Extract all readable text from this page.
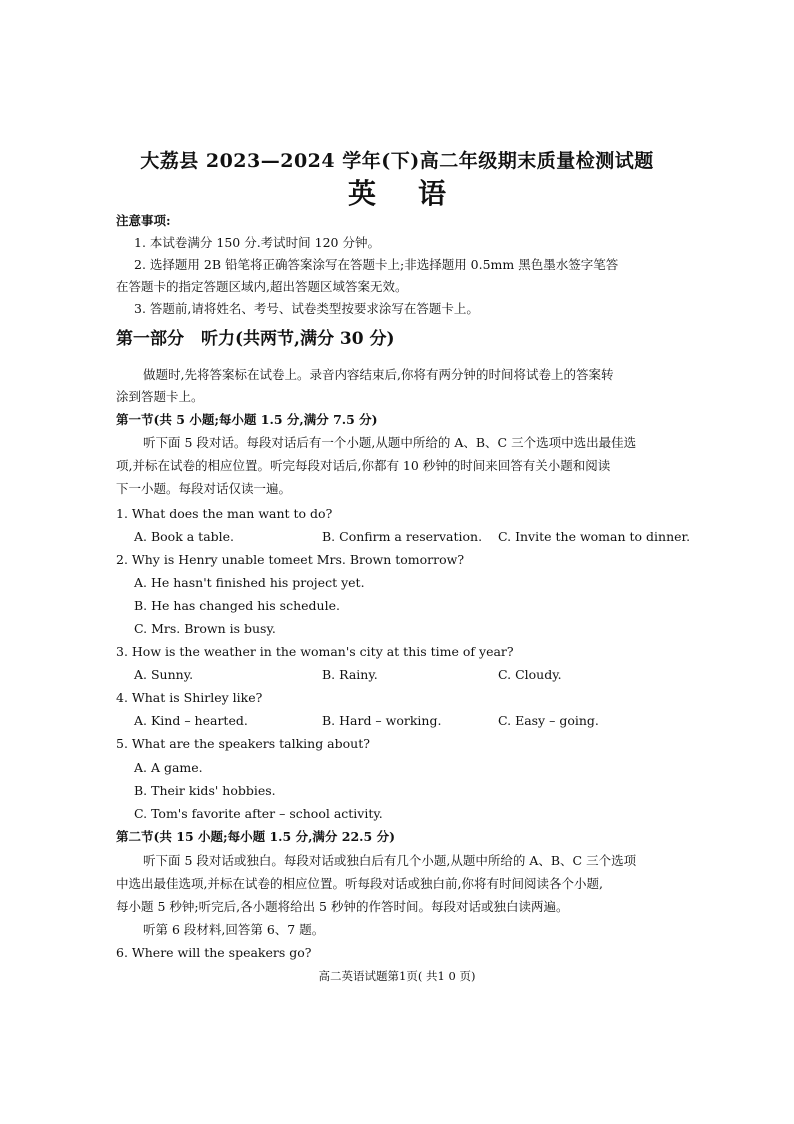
大荔县 2023—2024 学年(下)高二年级期末质量检测试题
英语
注意事项:
1. 本试卷满分 150 分.考试时间 120 分钟。
2. 选择题用 2B 铅笔将正确答案涂写在答题卡上;非选择题用 0.5mm 黑色墨水签字笔答
在答题卡的指定答题区域内,超出答题区域答案无效。
3. 答题前,请将姓名、考号、试卷类型按要求涂写在答题卡上。
第一部分　听力(共两节,满分 30 分)
做题时,先将答案标在试卷上。录音内容结束后,你将有两分钟的时间将试卷上的答案转
涂到答题卡上。
第一节(共 5 小题;每小题 1.5 分,满分 7.5 分)
听下面 5 段对话。每段对话后有一个小题,从题中所给的 A、B、C 三个选项中选出最佳选
项,并标在试卷的相应位置。听完每段对话后,你都有 10 秒钟的时间来回答有关小题和阅读
下一小题。每段对话仅读一遍。
1. What does the man want to do?
A. Book a table.	B. Confirm a reservation. C. Invite the woman to dinner.
2. Why is Henry unable tomeet Mrs. Brown tomorrow?
A. He hasn't finished his project yet.
B. He has changed his schedule.
C. Mrs. Brown is busy.
3. How is the weather in the woman's city at this time of year?
A. Sunny.	B. Rainy.	C. Cloudy.
4. What is Shirley like?
A. Kind – hearted.	B. Hard – working.	C. Easy – going.
5. What are the speakers talking about?
A. A game.
B. Their kids' hobbies.
C. Tom's favorite after – school activity.
第二节(共 15 小题;每小题 1.5 分,满分 22.5 分)
听下面 5 段对话或独白。每段对话或独白后有几个小题,从题中所给的 A、B、C 三个选项
中选出最佳选项,并标在试卷的相应位置。听每段对话或独白前,你将有时间阅读各个小题,
每小题 5 秒钟;听完后,各小题将给出 5 秒钟的作答时间。每段对话或独白读两遍。
听第 6 段材料,回答第 6、7 题。
6. Where will the speakers go?
高二英语试题第1页( 共1 0 页)
